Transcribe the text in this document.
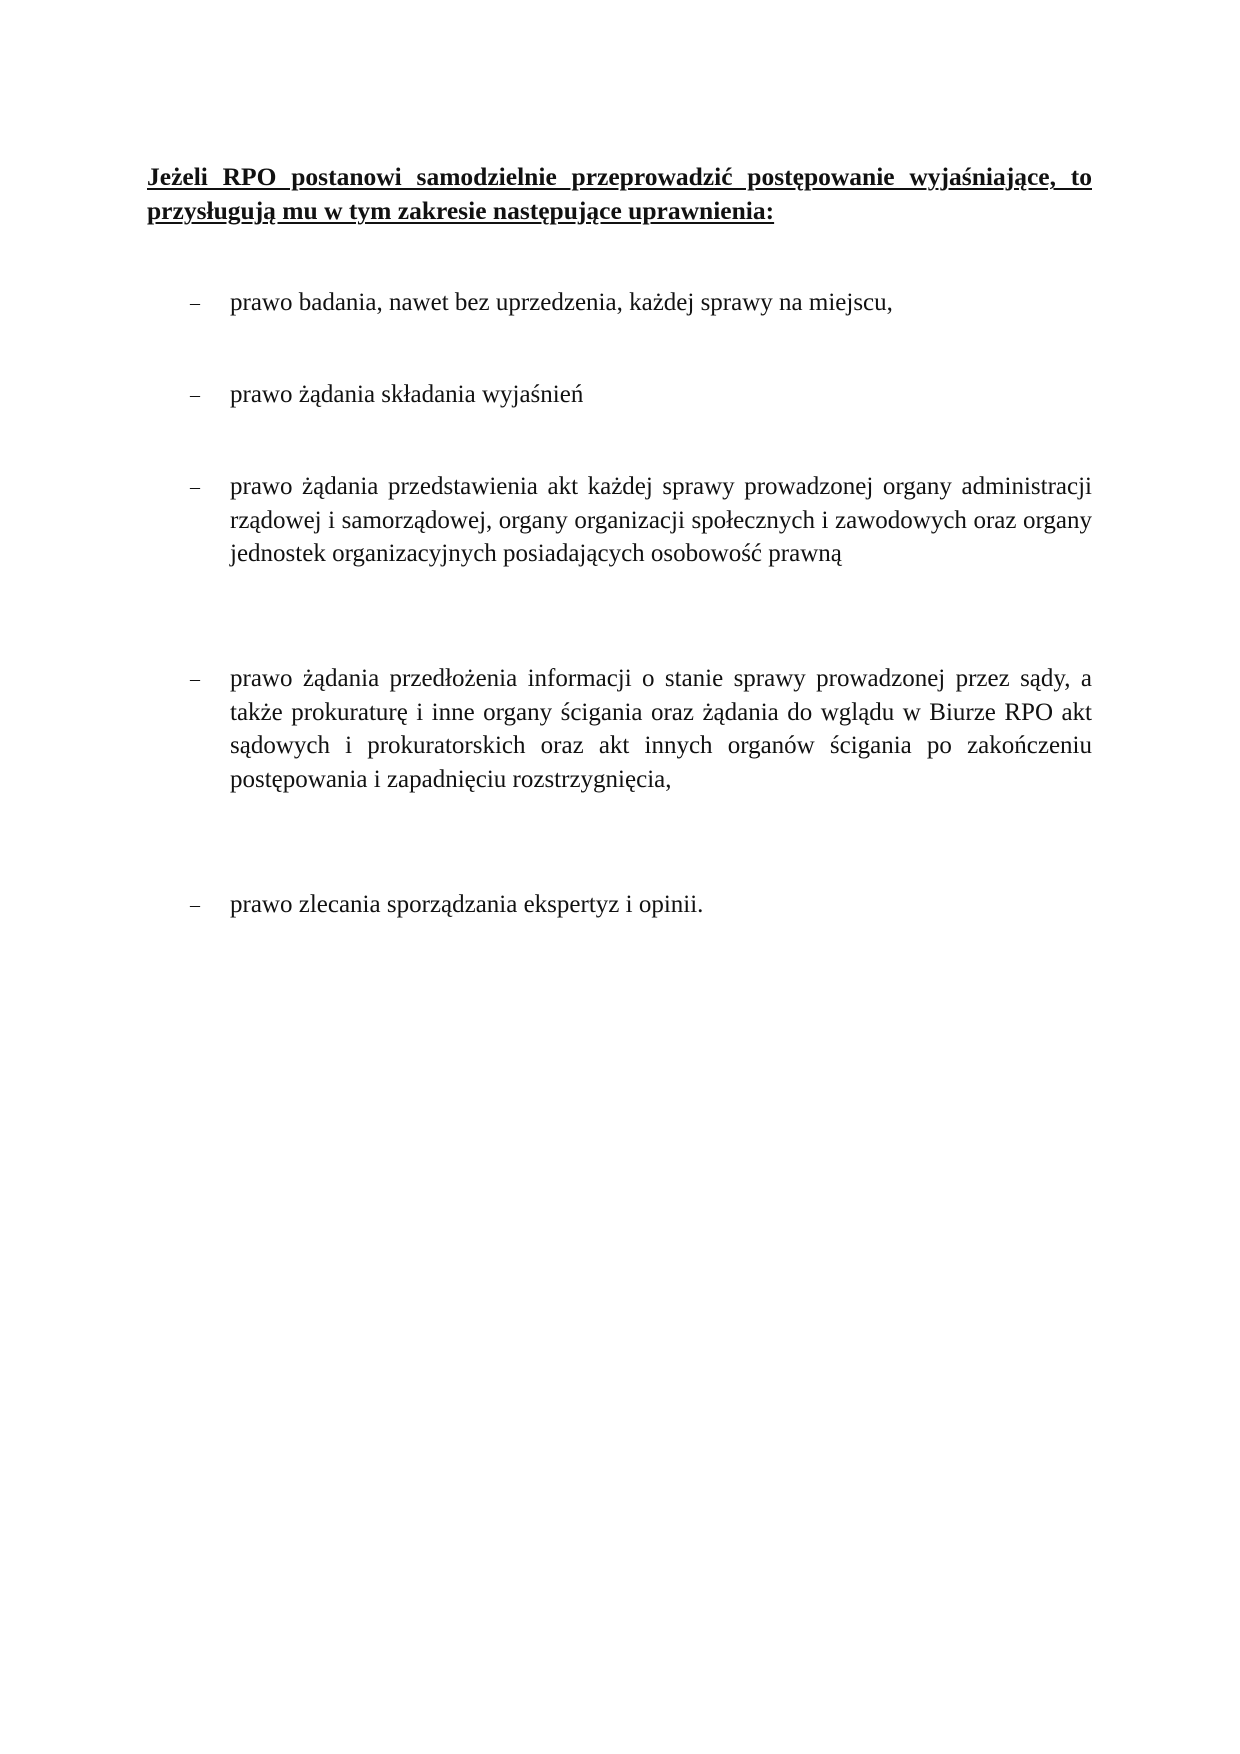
Jeżeli RPO postanowi samodzielnie przeprowadzić postępowanie wyjaśniające, to przysługują mu w tym zakresie następujące uprawnienia:

– prawo badania, nawet bez uprzedzenia, każdej sprawy na miejscu,

– prawo żądania składania wyjaśnień

– prawo żądania przedstawienia akt każdej sprawy prowadzonej organy administracji rządowej i samorządowej, organy organizacji społecznych i zawodowych oraz organy jednostek organizacyjnych posiadających osobowość prawną

– prawo żądania przedłożenia informacji o stanie sprawy prowadzonej przez sądy, a także prokuraturę i inne organy ścigania oraz żądania do wglądu w Biurze RPO akt sądowych i prokuratorskich oraz akt innych organów ścigania po zakończeniu postępowania i zapadnięciu rozstrzygnięcia,

– prawo zlecania sporządzania ekspertyz i opinii.
